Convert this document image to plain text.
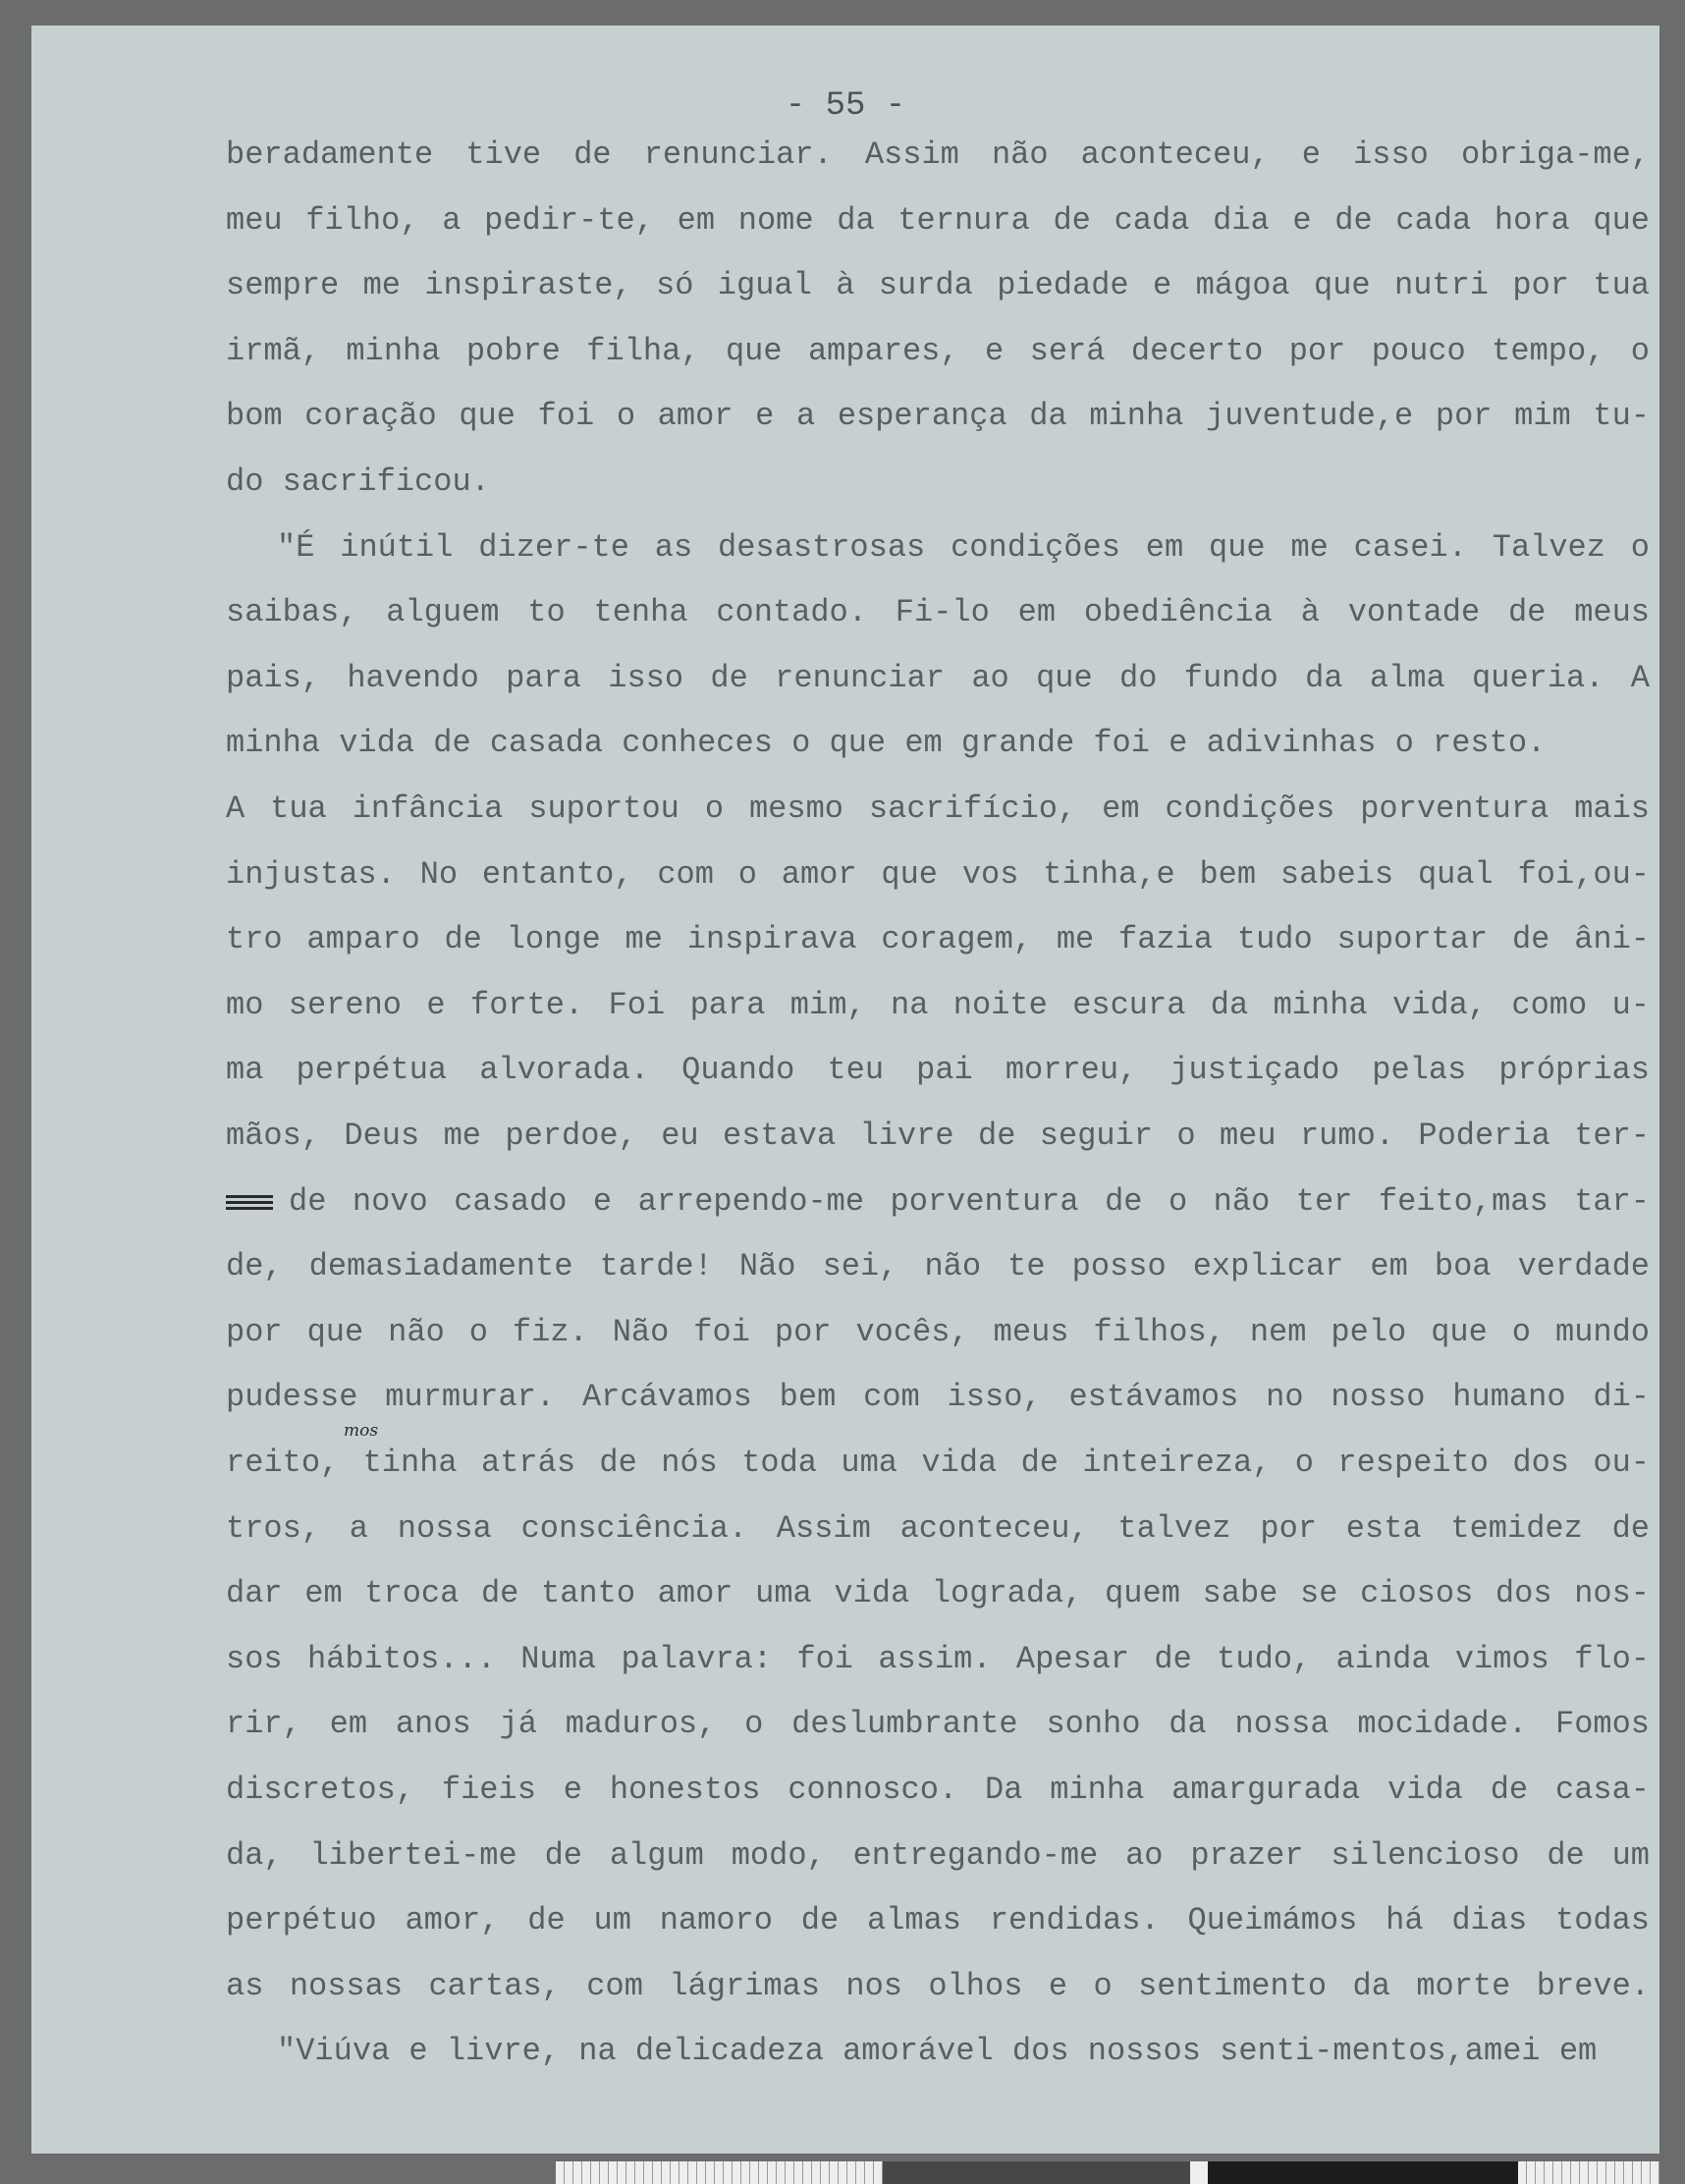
- 55 -
beradamente tive de renunciar. Assim não aconteceu, e isso obriga-me,
meu filho, a pedir-te, em nome da ternura de cada dia e de cada hora que
sempre me inspiraste, só igual à surda piedade e mágoa que nutri por tua
irmã, minha pobre filha, que ampares, e será decerto por pouco tempo, o
bom coração que foi o amor e a esperança da minha juventude,e por mim tu-
do sacrificou.
"É inútil dizer-te as desastrosas condições em que me casei. Talvez o
saibas, alguem to tenha contado. Fi-lo em obediência à vontade de meus
pais, havendo para isso de renunciar ao que do fundo da alma queria. A
minha vida de casada conheces o que em grande foi e adivinhas o resto.
A tua infância suportou o mesmo sacrifício, em condições porventura mais
injustas. No entanto, com o amor que vos tinha,e bem sabeis qual foi,ou-
tro amparo de longe me inspirava coragem, me fazia tudo suportar de âni-
mo sereno e forte. Foi para mim, na noite escura da minha vida, como u-
ma perpétua alvorada. Quando teu pai morreu, justiçado pelas próprias
mãos, Deus me perdoe, eu estava livre de seguir o meu rumo. Poderia ter-
de novo casado e arrependo-me porventura de o não ter feito,mas tar-
de, demasiadamente tarde! Não sei, não te posso explicar em boa verdade
por que não o fiz. Não foi por vocês, meus filhos, nem pelo que o mundo
pudesse murmurar. Arcávamos bem com isso, estávamos no nosso humano di-
reito, tinha atrás de nós toda uma vida de inteireza, o respeito dos ou-
tros, a nossa consciência. Assim aconteceu, talvez por esta temidez de
dar em troca de tanto amor uma vida lograda, quem sabe se ciosos dos nos-
sos hábitos... Numa palavra: foi assim. Apesar de tudo, ainda vimos flo-
rir, em anos já maduros, o deslumbrante sonho da nossa mocidade. Fomos
discretos, fieis e honestos connosco. Da minha amargurada vida de casa-
da, libertei-me de algum modo, entregando-me ao prazer silencioso de um
perpétuo amor, de um namoro de almas rendidas. Queimámos há dias todas
as nossas cartas, com lágrimas nos olhos e o sentimento da morte breve.
"Viúva e livre, na delicadeza amorável dos nossos senti-mentos,amei em
mos
